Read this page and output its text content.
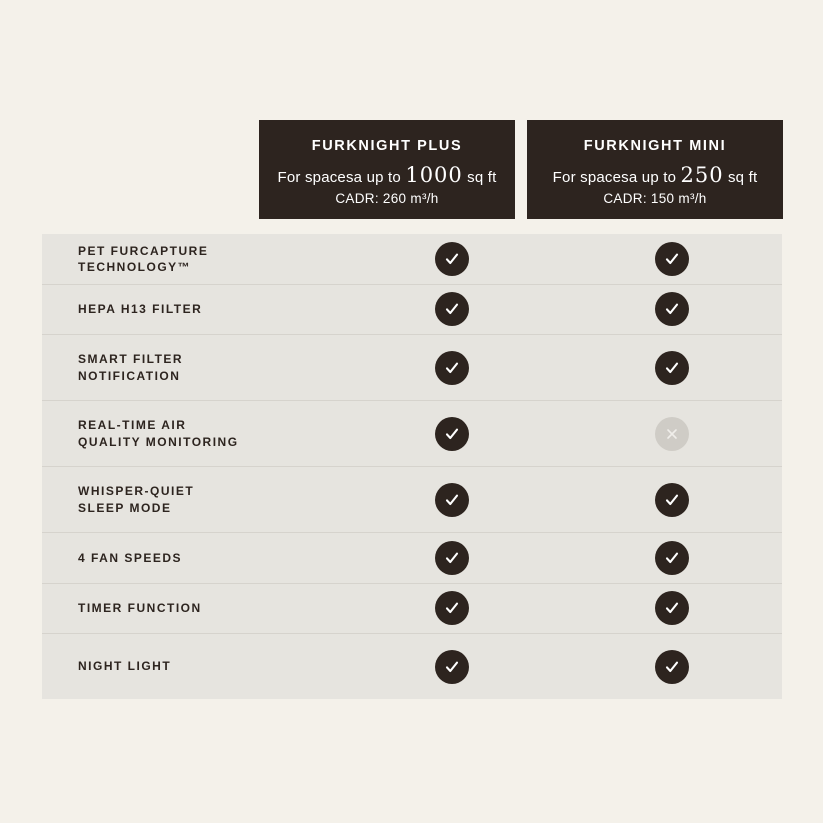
FURKNIGHT PLUS
For spacesa up to 1000 sq ft
CADR: 260 m³/h
FURKNIGHT MINI
For spacesa up to 250 sq ft
CADR: 150 m³/h
PET FURCAPTURE
TECHNOLOGY™
HEPA H13 FILTER
SMART FILTER
NOTIFICATION
REAL-TIME AIR
QUALITY MONITORING
WHISPER-QUIET
SLEEP MODE
4 FAN SPEEDS
TIMER FUNCTION
NIGHT LIGHT
